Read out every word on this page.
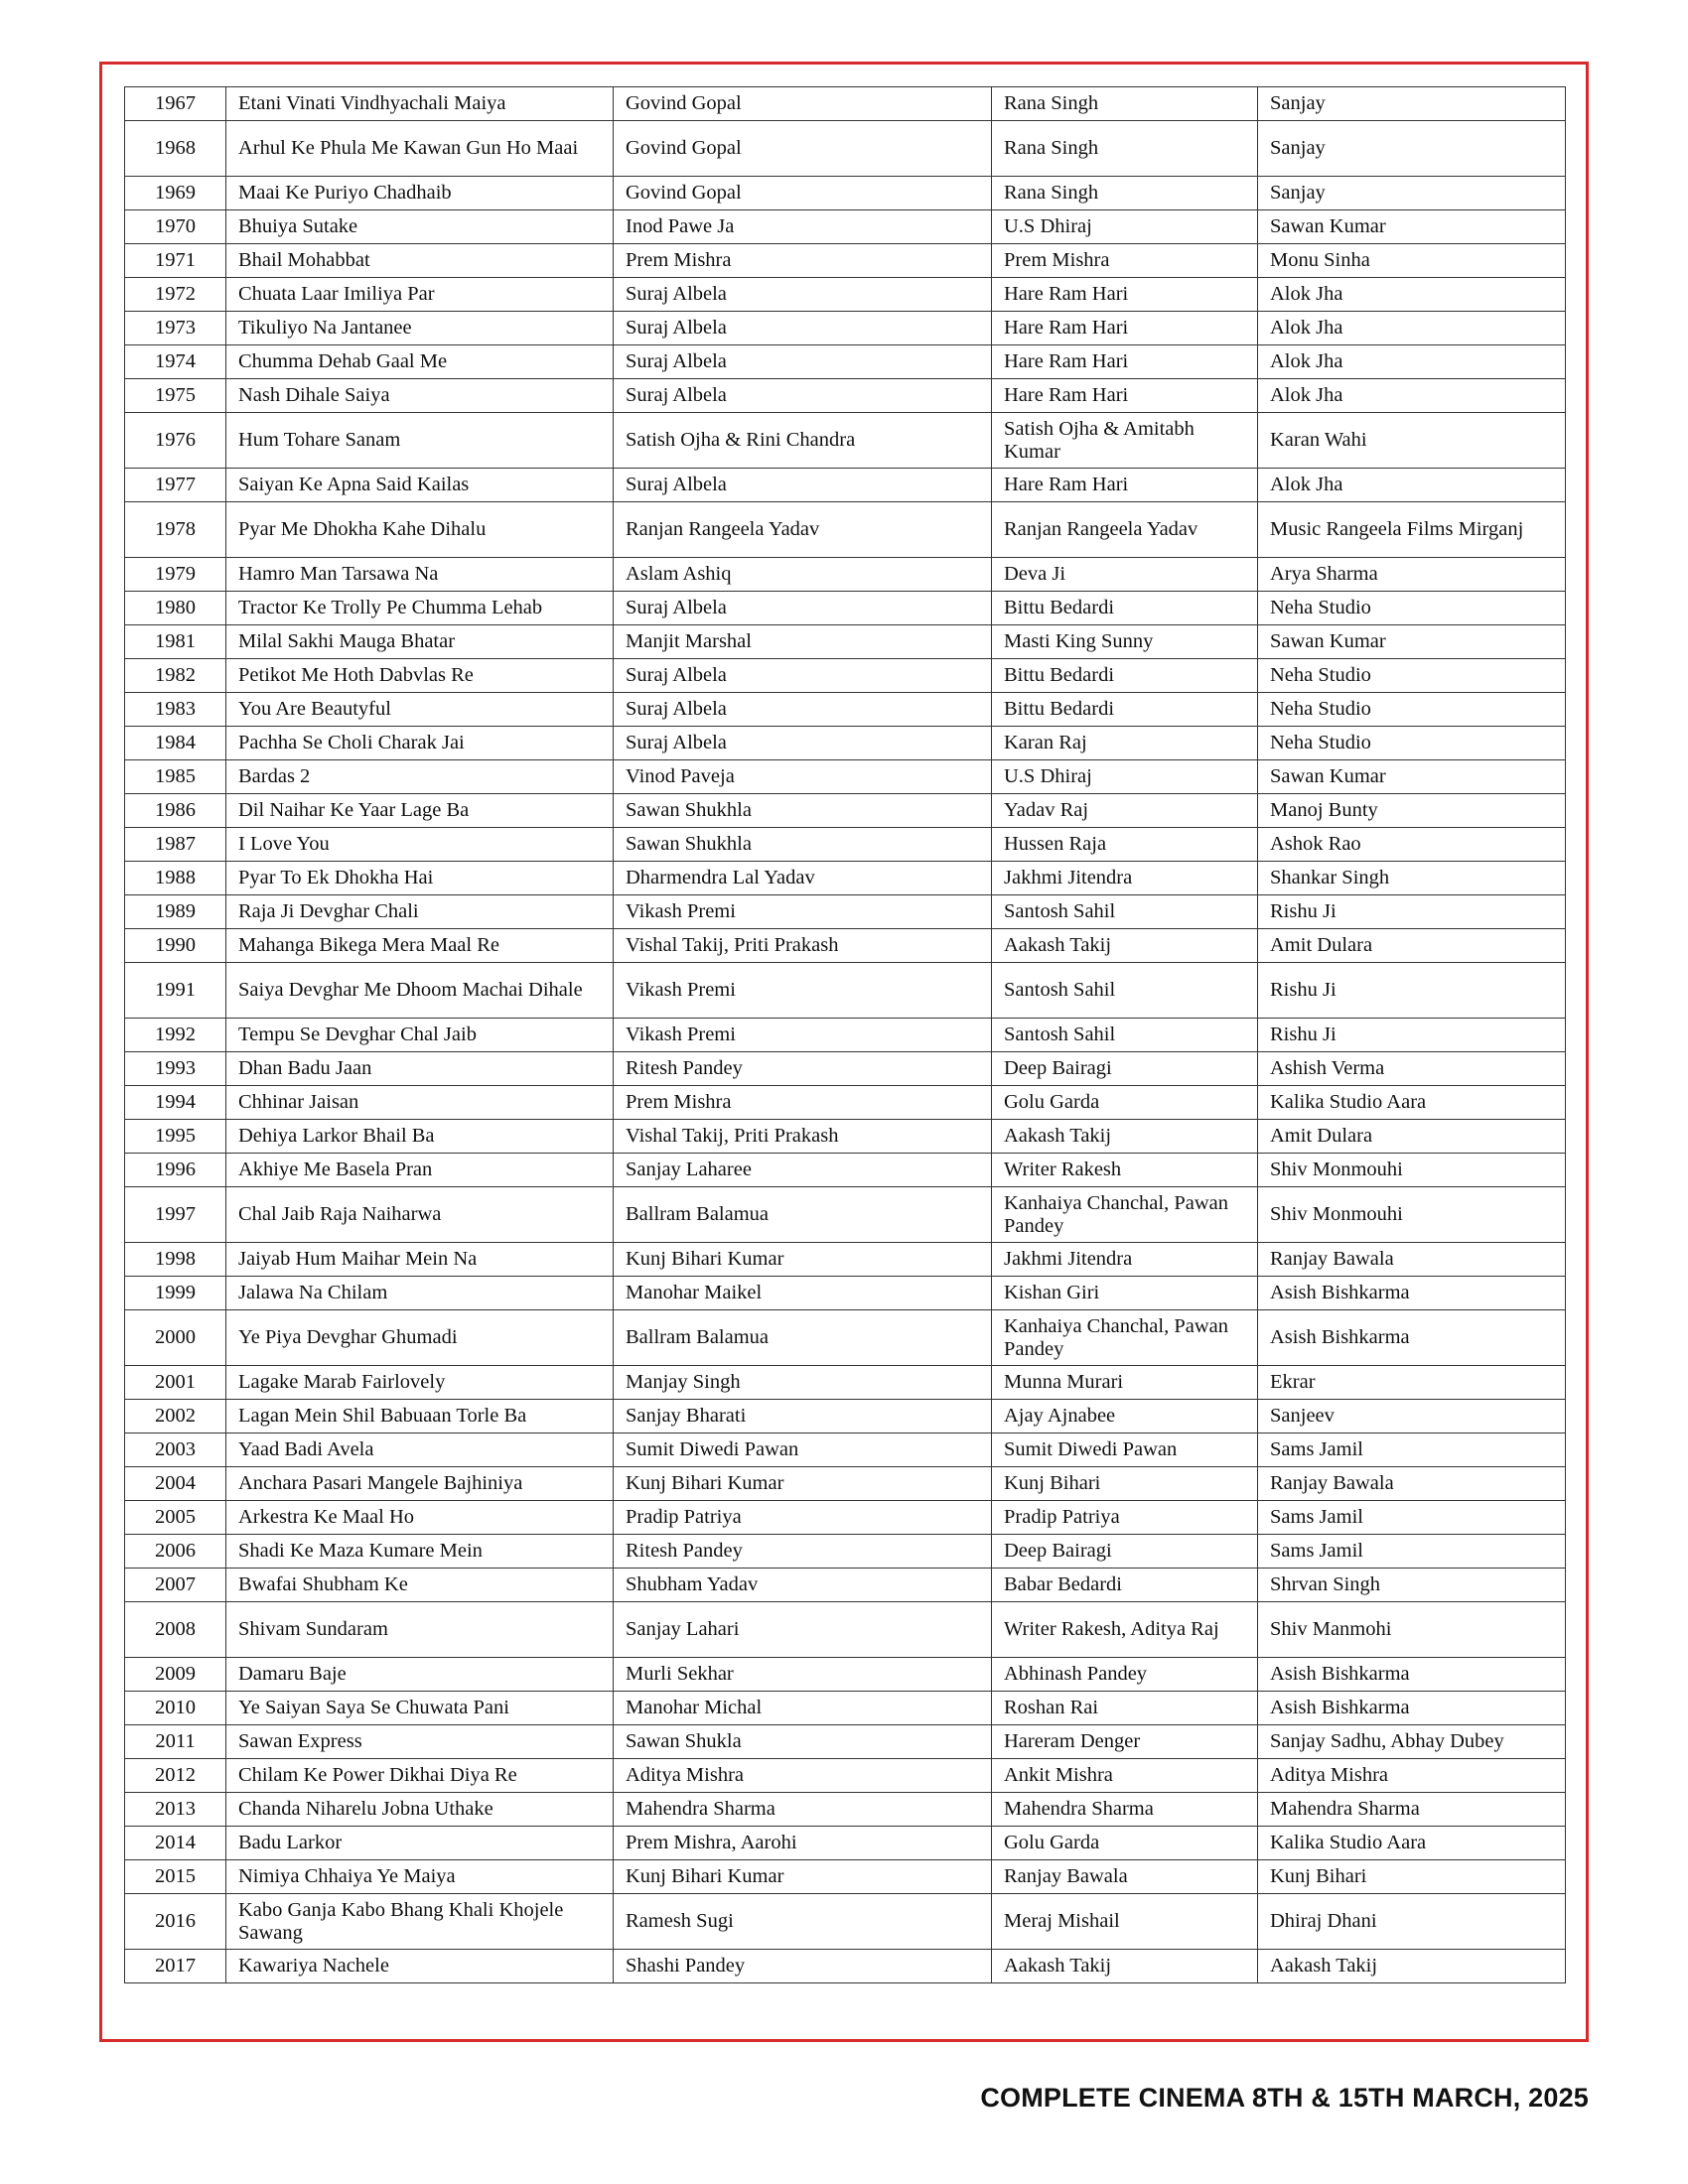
1967	Etani Vinati Vindhyachali Maiya	Govind Gopal	Rana Singh	Sanjay
1968	Arhul Ke Phula Me Kawan Gun Ho Maai	Govind Gopal	Rana Singh	Sanjay
1969	Maai Ke Puriyo Chadhaib	Govind Gopal	Rana Singh	Sanjay
1970	Bhuiya Sutake	Inod Pawe Ja	U.S Dhiraj	Sawan Kumar
1971	Bhail Mohabbat	Prem Mishra	Prem Mishra	Monu Sinha
1972	Chuata Laar Imiliya Par	Suraj Albela	Hare Ram Hari	Alok Jha
1973	Tikuliyo Na Jantanee	Suraj Albela	Hare Ram Hari	Alok Jha
1974	Chumma Dehab Gaal Me	Suraj Albela	Hare Ram Hari	Alok Jha
1975	Nash Dihale Saiya	Suraj Albela	Hare Ram Hari	Alok Jha
1976	Hum Tohare Sanam	Satish Ojha & Rini Chandra	Satish Ojha & Amitabh Kumar	Karan Wahi
1977	Saiyan Ke Apna Said Kailas	Suraj Albela	Hare Ram Hari	Alok Jha
1978	Pyar Me Dhokha Kahe Dihalu	Ranjan Rangeela Yadav	Ranjan Rangeela Yadav	Music Rangeela Films Mirganj
1979	Hamro Man Tarsawa Na	Aslam Ashiq	Deva Ji	Arya Sharma
1980	Tractor Ke Trolly Pe Chumma Lehab	Suraj Albela	Bittu Bedardi	Neha Studio
1981	Milal Sakhi Mauga Bhatar	Manjit Marshal	Masti King Sunny	Sawan Kumar
1982	Petikot Me Hoth Dabvlas Re	Suraj Albela	Bittu Bedardi	Neha Studio
1983	You Are Beautyful	Suraj Albela	Bittu Bedardi	Neha Studio
1984	Pachha Se Choli Charak Jai	Suraj Albela	Karan Raj	Neha Studio
1985	Bardas 2	Vinod Paveja	U.S Dhiraj	Sawan Kumar
1986	Dil Naihar Ke Yaar Lage Ba	Sawan Shukhla	Yadav Raj	Manoj Bunty
1987	I Love You	Sawan Shukhla	Hussen Raja	Ashok Rao
1988	Pyar To Ek Dhokha Hai	Dharmendra Lal Yadav	Jakhmi Jitendra	Shankar Singh
1989	Raja Ji Devghar Chali	Vikash Premi	Santosh Sahil	Rishu Ji
1990	Mahanga Bikega Mera Maal Re	Vishal Takij, Priti Prakash	Aakash Takij	Amit Dulara
1991	Saiya Devghar Me Dhoom Machai Dihale	Vikash Premi	Santosh Sahil	Rishu Ji
1992	Tempu Se Devghar Chal Jaib	Vikash Premi	Santosh Sahil	Rishu Ji
1993	Dhan Badu Jaan	Ritesh Pandey	Deep Bairagi	Ashish Verma
1994	Chhinar Jaisan	Prem Mishra	Golu Garda	Kalika Studio Aara
1995	Dehiya Larkor Bhail Ba	Vishal Takij, Priti Prakash	Aakash Takij	Amit Dulara
1996	Akhiye Me Basela Pran	Sanjay Laharee	Writer Rakesh	Shiv Monmouhi
1997	Chal Jaib Raja Naiharwa	Ballram Balamua	Kanhaiya Chanchal, Pawan Pandey	Shiv Monmouhi
1998	Jaiyab Hum Maihar Mein Na	Kunj Bihari Kumar	Jakhmi Jitendra	Ranjay Bawala
1999	Jalawa Na Chilam	Manohar Maikel	Kishan Giri	Asish Bishkarma
2000	Ye Piya Devghar Ghumadi	Ballram Balamua	Kanhaiya Chanchal, Pawan Pandey	Asish Bishkarma
2001	Lagake Marab Fairlovely	Manjay Singh	Munna Murari	Ekrar
2002	Lagan Mein Shil Babuaan Torle Ba	Sanjay Bharati	Ajay Ajnabee	Sanjeev
2003	Yaad Badi Avela	Sumit Diwedi Pawan	Sumit Diwedi Pawan	Sams Jamil
2004	Anchara Pasari Mangele Bajhiniya	Kunj Bihari Kumar	Kunj Bihari	Ranjay Bawala
2005	Arkestra Ke Maal Ho	Pradip Patriya	Pradip Patriya	Sams Jamil
2006	Shadi Ke Maza Kumare Mein	Ritesh Pandey	Deep Bairagi	Sams Jamil
2007	Bwafai Shubham Ke	Shubham Yadav	Babar Bedardi	Shrvan Singh
2008	Shivam Sundaram	Sanjay Lahari	Writer Rakesh, Aditya Raj	Shiv Manmohi
2009	Damaru Baje	Murli Sekhar	Abhinash Pandey	Asish Bishkarma
2010	Ye Saiyan Saya Se Chuwata Pani	Manohar Michal	Roshan Rai	Asish Bishkarma
2011	Sawan Express	Sawan Shukla	Hareram Denger	Sanjay Sadhu, Abhay Dubey
2012	Chilam Ke Power Dikhai Diya Re	Aditya Mishra	Ankit Mishra	Aditya Mishra
2013	Chanda Niharelu Jobna Uthake	Mahendra Sharma	Mahendra Sharma	Mahendra Sharma
2014	Badu Larkor	Prem Mishra, Aarohi	Golu Garda	Kalika Studio Aara
2015	Nimiya Chhaiya Ye Maiya	Kunj Bihari Kumar	Ranjay Bawala	Kunj Bihari
2016	Kabo Ganja Kabo Bhang Khali Khojele Sawang	Ramesh Sugi	Meraj Mishail	Dhiraj Dhani
2017	Kawariya Nachele	Shashi Pandey	Aakash Takij	Aakash Takij
COMPLETE CINEMA 8TH & 15TH MARCH, 2025
